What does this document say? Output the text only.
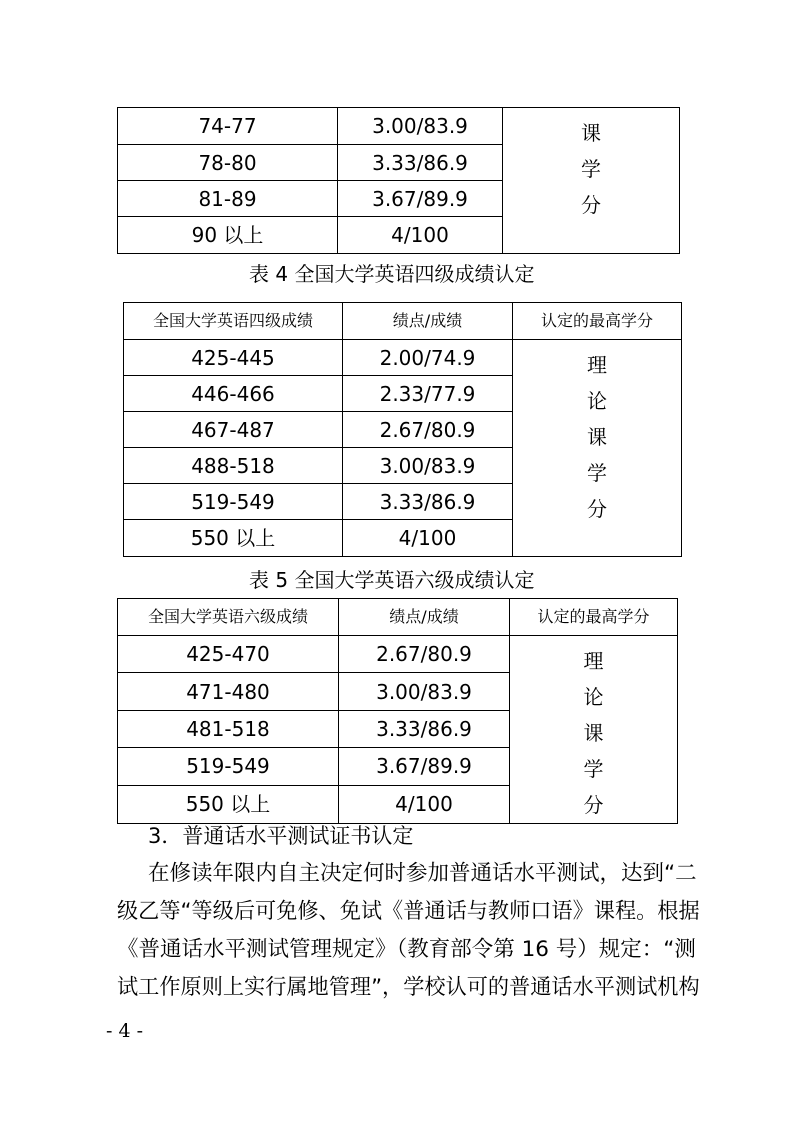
74-77	3.00/83.9	课
学
分

78-80	3.33/86.9	
81-89	3.67/89.9	
90 以上	4/100	
表 4 全国大学英语四级成绩认定
全国大学英语四级成绩	绩点/成绩	认定的最高学分
425-445	2.00/74.9	理
论
课
学
分

446-466	2.33/77.9	
467-487	2.67/80.9	
488-518	3.00/83.9	
519-549	3.33/86.9	
550 以上	4/100	
表 5 全国大学英语六级成绩认定
全国大学英语六级成绩	绩点/成绩	认定的最高学分
425-470	2.67/80.9	理
论
课
学
分

471-480	3.00/83.9	
481-518	3.33/86.9	
519-549	3.67/89.9	
550 以上	4/100	
3．普通话水平测试证书认定
在修读年限内自主决定何时参加普通话水平测试，达到“二
级乙等“等级后可免修、免试《普通话与教师口语》课程。根据
《普通话水平测试管理规定》（教育部令第 16 号）规定：“测
试工作原则上实行属地管理”，学校认可的普通话水平测试机构
- 4 -
